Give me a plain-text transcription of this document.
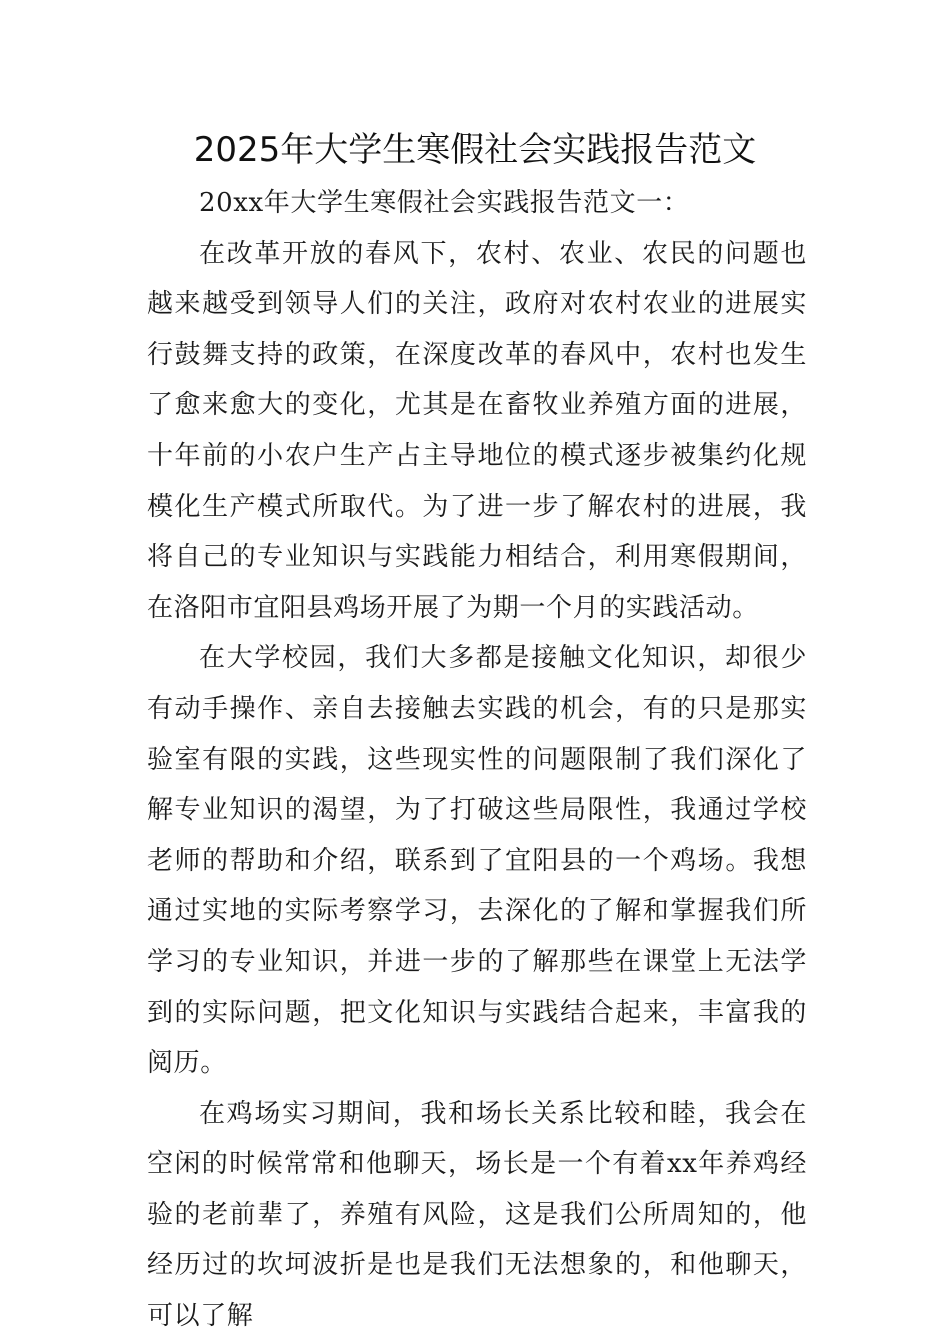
2025年大学生寒假社会实践报告范文

20xx年大学生寒假社会实践报告范文一：

在改革开放的春风下，农村、农业、农民的问题也越来越受到领导人们的关注，政府对农村农业的进展实行鼓舞支持的政策，在深度改革的春风中，农村也发生了愈来愈大的变化，尤其是在畜牧业养殖方面的进展，十年前的小农户生产占主导地位的模式逐步被集约化规模化生产模式所取代。为了进一步了解农村的进展，我将自己的专业知识与实践能力相结合，利用寒假期间，在洛阳市宜阳县鸡场开展了为期一个月的实践活动。

在大学校园，我们大多都是接触文化知识，却很少有动手操作、亲自去接触去实践的机会，有的只是那实验室有限的实践，这些现实性的问题限制了我们深化了解专业知识的渴望，为了打破这些局限性，我通过学校老师的帮助和介绍，联系到了宜阳县的一个鸡场。我想通过实地的实际考察学习，去深化的了解和掌握我们所学习的专业知识，并进一步的了解那些在课堂上无法学到的实际问题，把文化知识与实践结合起来，丰富我的阅历。

在鸡场实习期间，我和场长关系比较和睦，我会在空闲的时候常常和他聊天，场长是一个有着xx年养鸡经验的老前辈了，养殖有风险，这是我们公所周知的，他经历过的坎坷波折是也是我们无法想象的，和他聊天，可以了解
